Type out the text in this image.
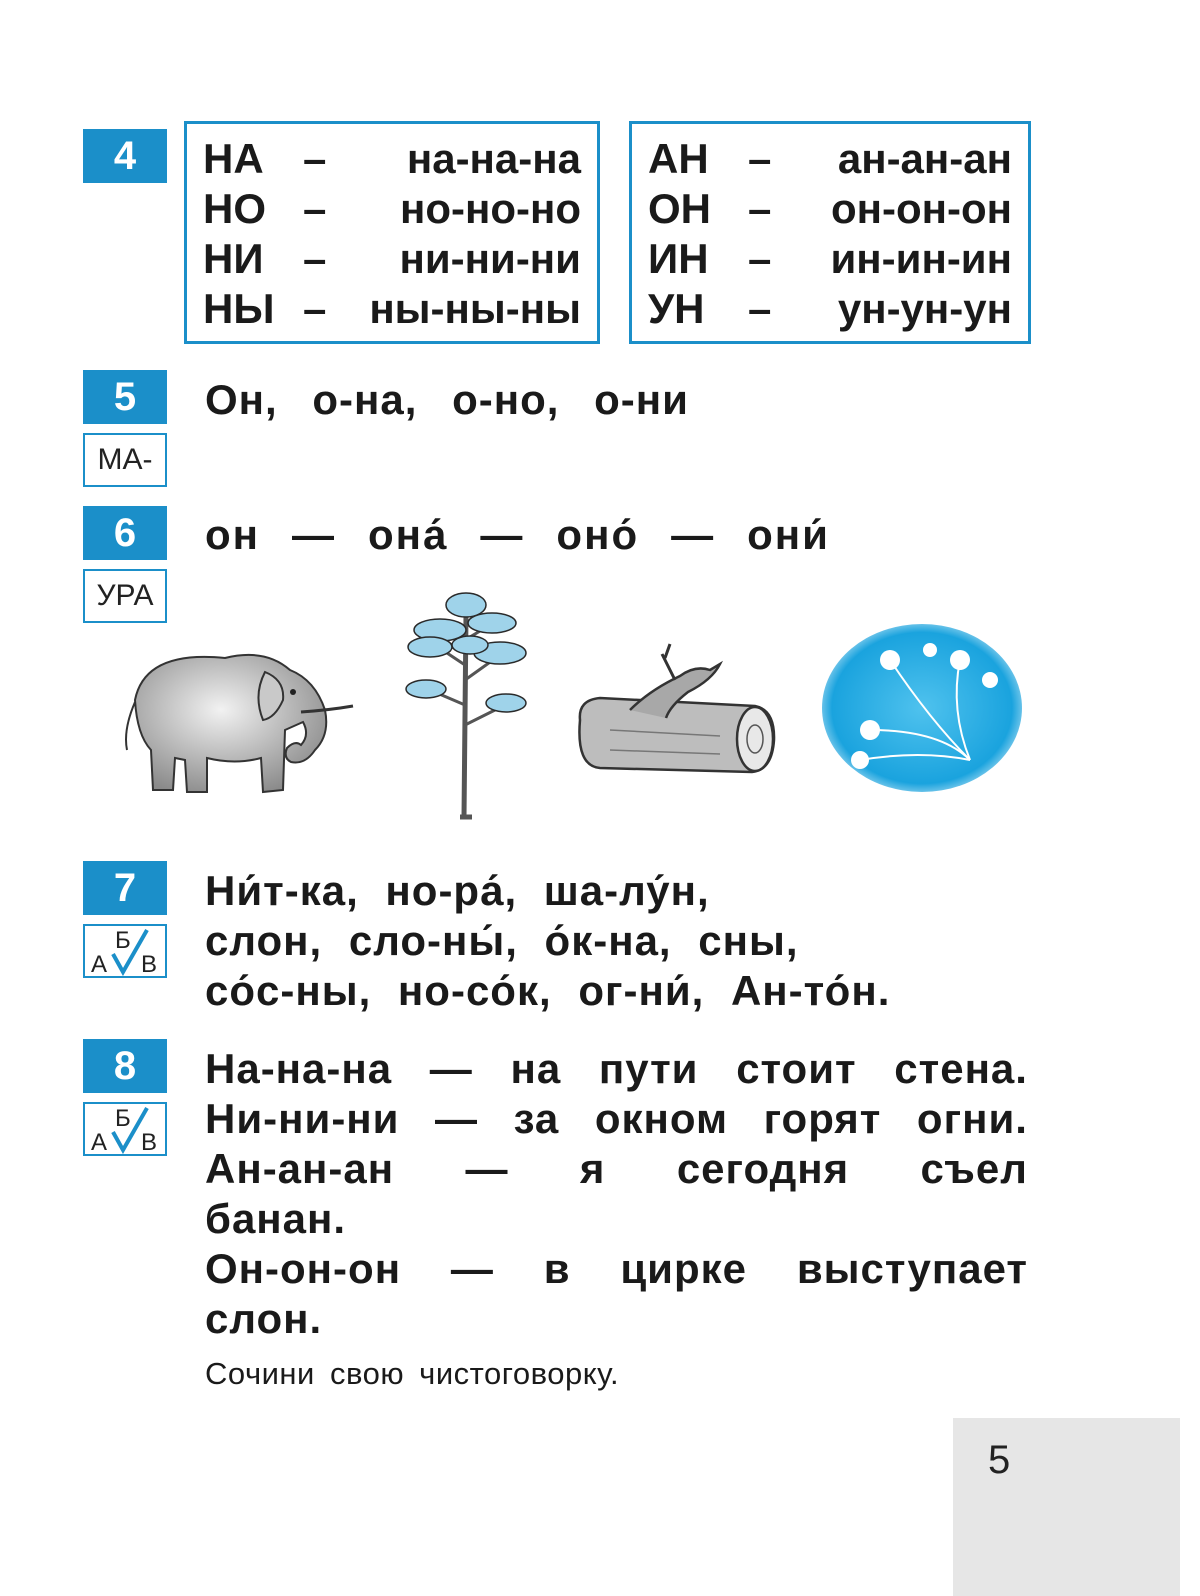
4	НА – на-на-на
НО – но-но-но
НИ – ни-ни-ни
НЫ – ны-ны-ны
АН – ан-ан-ан
ОН – он-он-он
ИН – ин-ин-ин
УН – ун-ун-ун
5
МА-
Он, о-на, о-но, о-ни
6
УРА
он — она́ — оно́ — они́
7
А
Б
В
Ни́т-ка, но-ра́, ша-лу́н,
слон, сло-ны́, о́к-на, сны,
со́с-ны, но-со́к, ог-ни́, Ан-то́н.
8
А
Б
В
На-на-на — на пути стоит стена.
Ни-ни-ни — за окном горят огни.
Ан-ан-ан — я сегодня съел
банан.
Он-он-он — в цирке выступает
слон.
Сочини свою чистоговорку.
5
